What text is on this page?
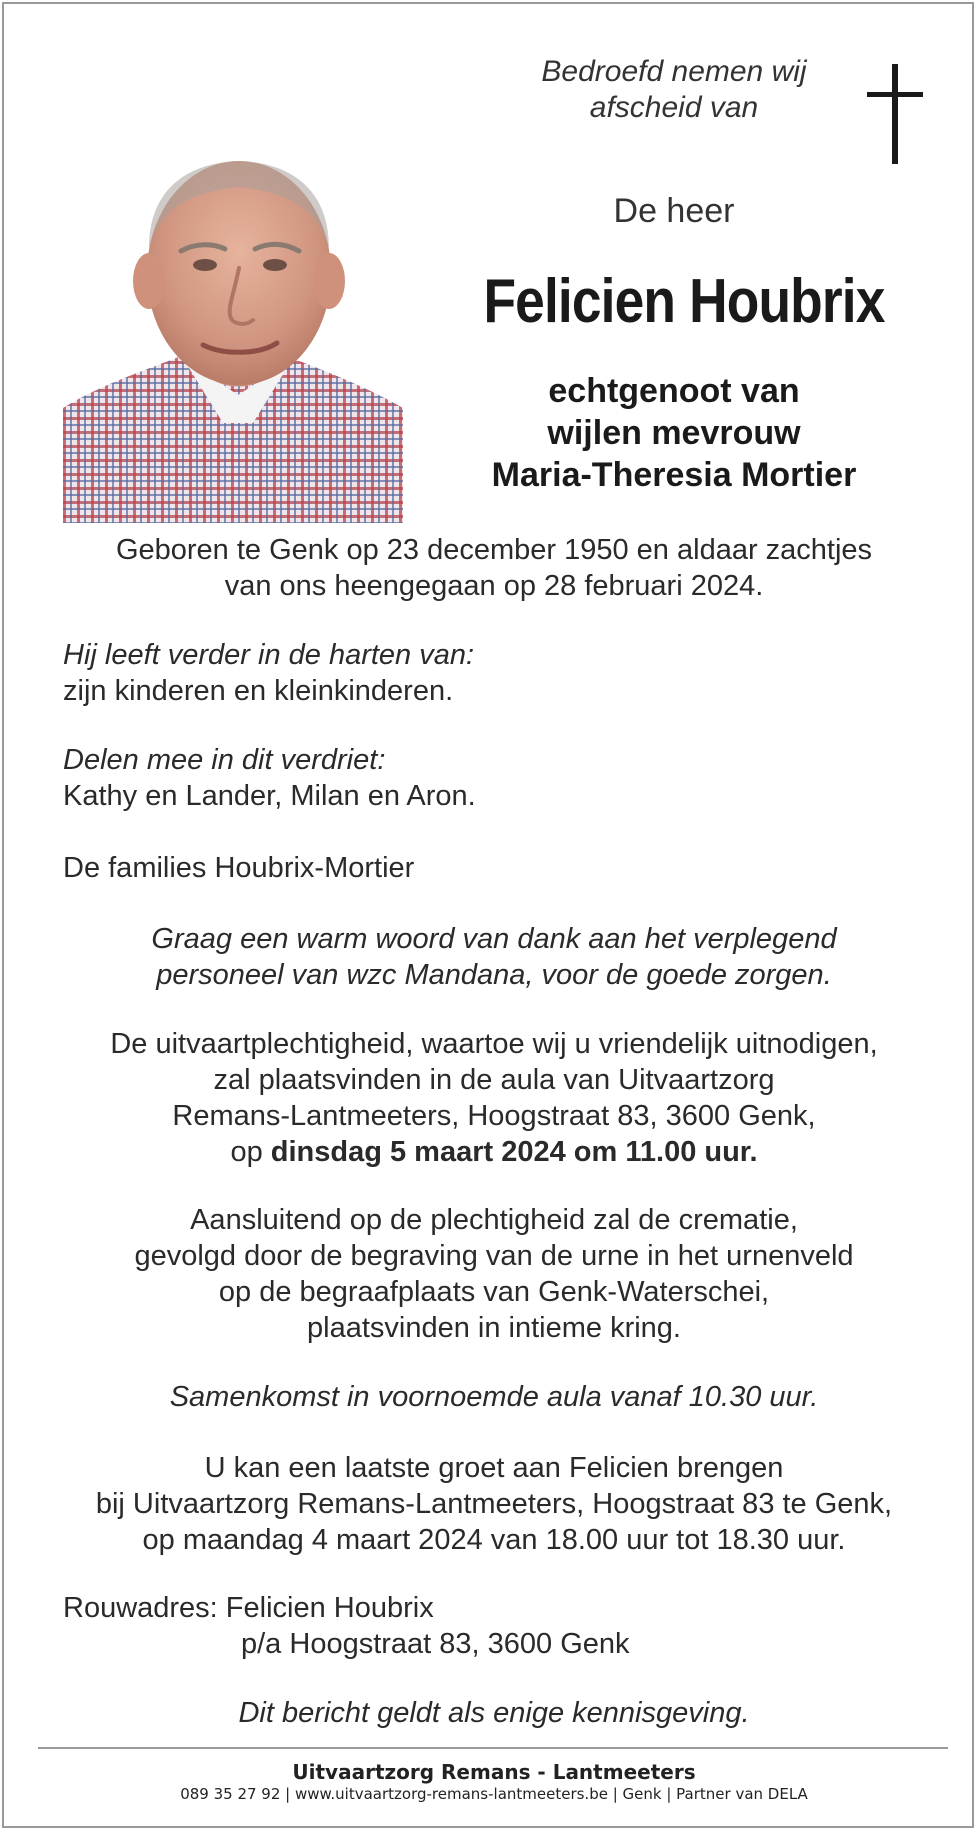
Bedroefd nemen wij
afscheid van
De heer
Felicien Houbrix
echtgenoot van
wijlen mevrouw
Maria-Theresia Mortier
Geboren te Genk op 23 december 1950 en aldaar zachtjes
van ons heengegaan op 28 februari 2024.
Hij leeft verder in de harten van:
zijn kinderen en kleinkinderen.
Delen mee in dit verdriet:
Kathy en Lander, Milan en Aron.
De families Houbrix-Mortier
Graag een warm woord van dank aan het verplegend
personeel van wzc Mandana, voor de goede zorgen.
De uitvaartplechtigheid, waartoe wij u vriendelijk uitnodigen,
zal plaatsvinden in de aula van Uitvaartzorg
Remans-Lantmeeters, Hoogstraat 83, 3600 Genk,
op dinsdag 5 maart 2024 om 11.00 uur.
Aansluitend op de plechtigheid zal de crematie,
gevolgd door de begraving van de urne in het urnenveld
op de begraafplaats van Genk-Waterschei,
plaatsvinden in intieme kring.
Samenkomst in voornoemde aula vanaf 10.30 uur.
U kan een laatste groet aan Felicien brengen
bij Uitvaartzorg Remans-Lantmeeters, Hoogstraat 83 te Genk,
op maandag 4 maart 2024 van 18.00 uur tot 18.30 uur.
Rouwadres: Felicien Houbrix
p/a Hoogstraat 83, 3600 Genk
Dit bericht geldt als enige kennisgeving.
Uitvaartzorg Remans - Lantmeeters
089 35 27 92 | www.uitvaartzorg-remans-lantmeeters.be | Genk | Partner van DELA
